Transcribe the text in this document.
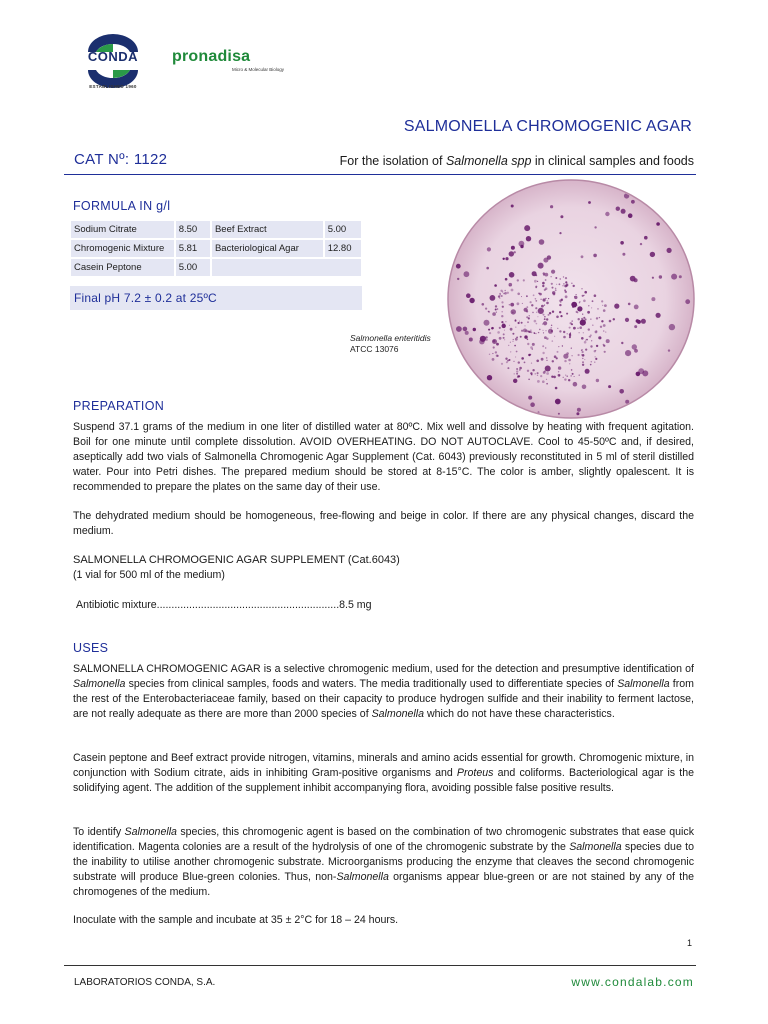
CONDA
ESTABLISHED 1960
pronadisa
Micro & Molecular Biology
SALMONELLA CHROMOGENIC AGAR
CAT Nº: 1122	For the isolation of Salmonella spp in clinical samples and foods
FORMULA IN g/l
Sodium Citrate	8.50	Beef Extract	5.00
Chromogenic Mixture	5.81	Bacteriological Agar	12.80
Casein Peptone	5.00		
Final pH 7.2 ± 0.2 at 25ºC
Salmonella enteritidis
ATCC 13076
PREPARATION
Suspend 37.1 grams of the medium in one liter of distilled water at 80ºC. Mix well and dissolve by heating with frequent agitation. Boil for one minute until complete dissolution. AVOID OVERHEATING. DO NOT AUTOCLAVE. Cool to 45-50ºC and, if desired, aseptically add two vials of Salmonella Chromogenic Agar Supplement (Cat. 6043) previously reconstituted in 5 ml of steril distilled water. Pour into Petri dishes. The prepared medium should be stored at 8-15°C. The color is amber, slightly opalescent. It is recommended to prepare the plates on the same day of their use.
The dehydrated medium should be homogeneous, free-flowing and beige in color. If there are any physical changes, discard the medium.
SALMONELLA CHROMOGENIC AGAR SUPPLEMENT (Cat.6043)
(1 vial for 500 ml of the medium)
Antibiotic mixture..............................................................8.5 mg
USES
SALMONELLA CHROMOGENIC AGAR is a selective chromogenic medium, used for the detection and presumptive identification of Salmonella species from clinical samples, foods and waters. The media traditionally used to differentiate species of Salmonella from the rest of the Enterobacteriaceae family, based on their capacity to produce hydrogen sulfide and their inability to ferment lactose, are not really adequate as there are more than 2000 species of Salmonella which do not have these characteristics.
Casein peptone and Beef extract provide nitrogen, vitamins, minerals and amino acids essential for growth. Chromogenic mixture, in conjunction with Sodium citrate, aids in inhibiting Gram-positive organisms and Proteus and coliforms. Bacteriological agar is the solidifying agent. The addition of the supplement inhibit accompanying flora, avoiding possible false positive results.
To identify Salmonella species, this chromogenic agent is based on the combination of two chromogenic substrates that ease quick identification. Magenta colonies are a result of the hydrolysis of one of the chromogenic substrate by the Salmonella species due to the inability to utilise another chromogenic substrate. Microorganisms producing the enzyme that cleaves the second chromogenic substrate will produce Blue-green colonies. Thus, non-Salmonella organisms appear blue-green or are not stained by any of the chromogenes of the medium.
Inoculate with the sample and incubate at 35 ± 2°C for 18 – 24 hours.
1
LABORATORIOS CONDA, S.A.	www.condalab.com
